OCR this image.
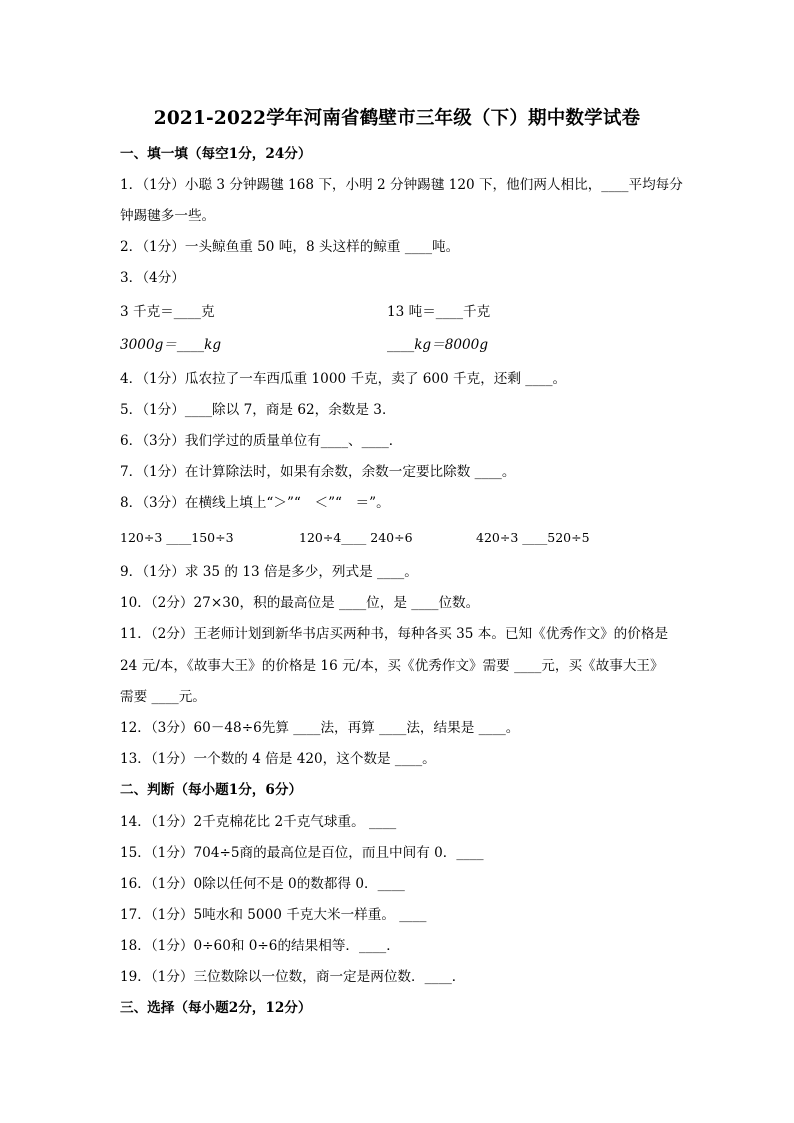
2021-2022学年河南省鹤壁市三年级（下）期中数学试卷
一、填一填（每空1分，24分）
1．（1分）小聪 3 分钟踢毽 168 下，小明 2 分钟踢毽 120 下，他们两人相比，____平均每分
钟踢毽多一些。
2．（1分）一头鲸鱼重 50 吨，8 头这样的鲸重 ____吨。
3．（4分）
3 千克＝____克	13 吨＝____千克
3000g＝____kg	____kg＝8000g
4．（1分）瓜农拉了一车西瓜重 1000 千克，卖了 600 千克，还剩 ____。
5．（1分）____除以 7，商是 62，余数是 3．
6．（3分）我们学过的质量单位有____、____．
7．（1分）在计算除法时，如果有余数，余数一定要比除数 ____。
8．（3分）在横线上填上“＞”“　＜”“　＝”。
120÷3 ____150÷3	120÷4____ 240÷6	420÷3 ____520÷5
9．（1分）求 35 的 13 倍是多少，列式是 ____。
10．（2分）27×30，积的最高位是 ____位，是 ____位数。
11．（2分）王老师计划到新华书店买两种书，每种各买 35 本。已知《优秀作文》的价格是
24 元/本，《故事大王》的价格是 16 元/本，买《优秀作文》需要 ____元，买《故事大王》
需要 ____元。
12．（3分）60－48÷6先算 ____法，再算 ____法，结果是 ____。
13．（1分）一个数的 4 倍是 420，这个数是 ____。
二、判断（每小题1分，6分）
14．（1分）2千克棉花比 2千克气球重。 ____
15．（1分）704÷5商的最高位是百位，而且中间有 0．____
16．（1分）0除以任何不是 0的数都得 0．____
17．（1分）5吨水和 5000 千克大米一样重。 ____
18．（1分）0÷60和 0÷6的结果相等．____．
19．（1分）三位数除以一位数，商一定是两位数．____．
三、选择（每小题2分，12分）
